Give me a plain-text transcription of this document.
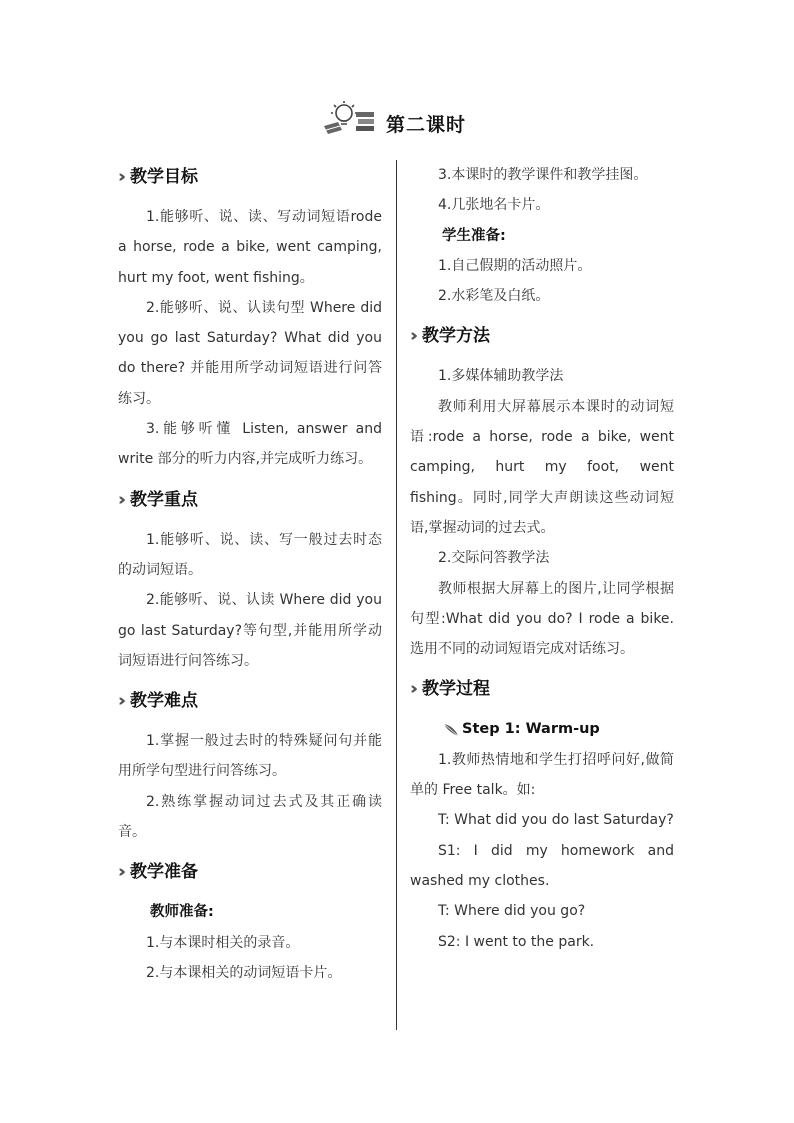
第二课时
›› 教学目标

1.能够听、说、读、写动词短语rode a horse, rode a bike, went camping, hurt my foot, went fishing。

2.能够听、说、认读句型 Where did you go last Saturday? What did you do there? 并能用所学动词短语进行问答练习。

3.能够听懂 Listen, answer and write 部分的听力内容,并完成听力练习。

›› 教学重点

1.能够听、说、读、写一般过去时态的动词短语。

2.能够听、说、认读 Where did you go last Saturday?等句型,并能用所学动词短语进行问答练习。

›› 教学难点

1.掌握一般过去时的特殊疑问句并能用所学句型进行问答练习。

2.熟练掌握动词过去式及其正确读音。

›› 教学准备

教师准备:

1.与本课时相关的录音。

2.与本课相关的动词短语卡片。

3.本课时的教学课件和教学挂图。

4.几张地名卡片。

学生准备:

1.自己假期的活动照片。

2.水彩笔及白纸。

›› 教学方法

1.多媒体辅助教学法

教师利用大屏幕展示本课时的动词短语:rode a horse, rode a bike, went camping, hurt my foot, went fishing。同时,同学大声朗读这些动词短语,掌握动词的过去式。

2.交际问答教学法

教师根据大屏幕上的图片,让同学根据句型:What did you do? I rode a bike. 选用不同的动词短语完成对话练习。

›› 教学过程
Step 1: Warm-up

1.教师热情地和学生打招呼问好,做简单的 Free talk。如:

T: What did you do last Saturday?

S1: I did my homework and washed my clothes.

T: Where did you go?

S2: I went to the park.
